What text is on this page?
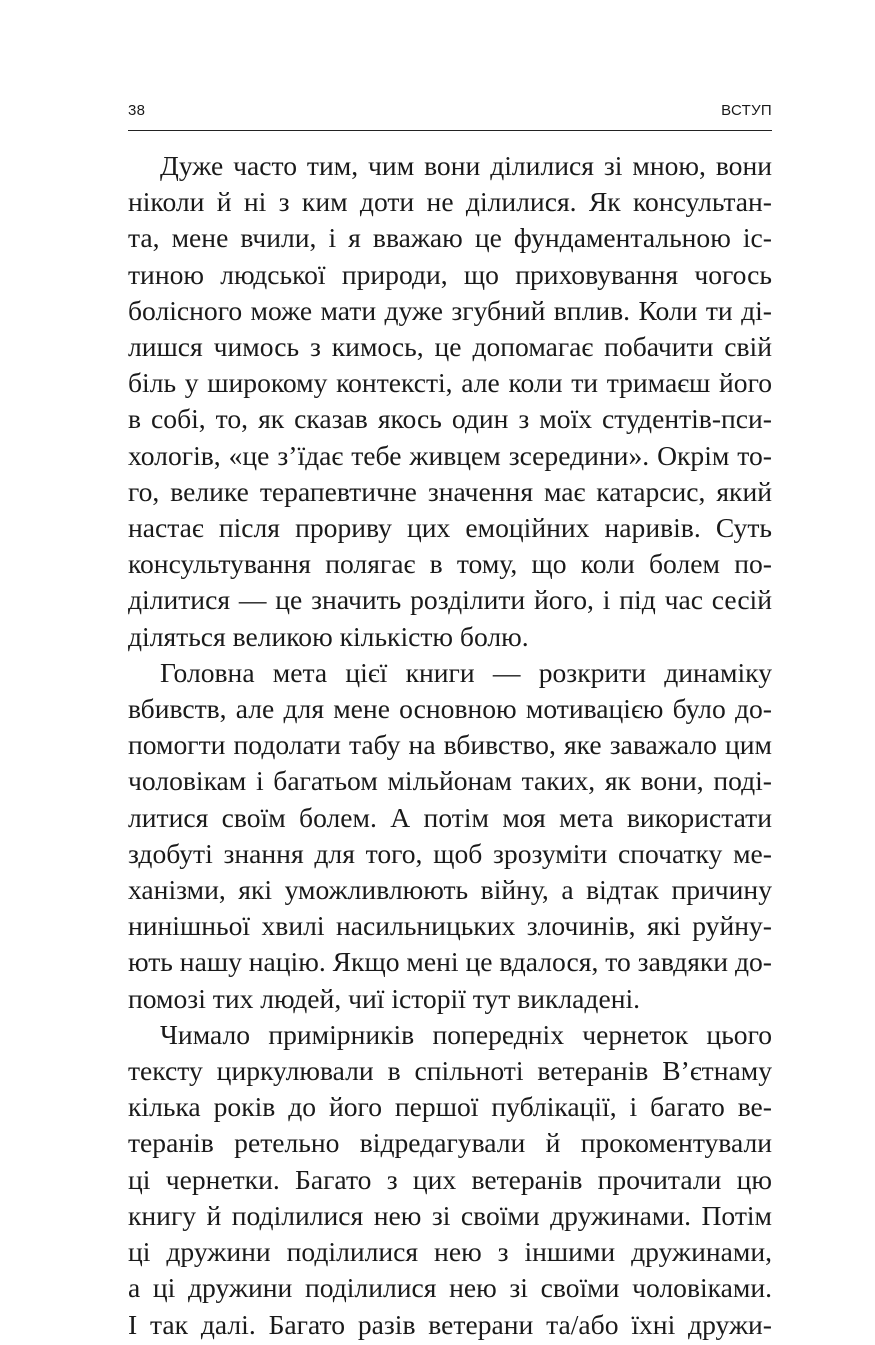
38	ВСТУП
Дуже часто тим, чим вони ділилися зі мною, вони
ніколи й ні з ким доти не ділилися. Як консультан-
та, мене вчили, і я вважаю це фундаментальною іс-
тиною людської природи, що приховування чогось
болісного може мати дуже згубний вплив. Коли ти ді-
лишся чимось з кимось, це допомагає побачити свій
біль у широкому контексті, але коли ти тримаєш його
в собі, то, як сказав якось один з моїх студентів-пси-
хологів, «це з’їдає тебе живцем зсередини». Окрім то-
го, велике терапевтичне значення має катарсис, який
настає після прориву цих емоційних наривів. Суть
консультування полягає в тому, що коли болем по-
ділитися — це значить розділити його, і під час сесій
діляться великою кількістю болю.
Головна мета цієї книги — розкрити динаміку
вбивств, але для мене основною мотивацією було до-
помогти подолати табу на вбивство, яке заважало цим
чоловікам і багатьом мільйонам таких, як вони, поді-
литися своїм болем. А потім моя мета використати
здобуті знання для того, щоб зрозуміти спочатку ме-
ханізми, які уможливлюють війну, а відтак причину
нинішньої хвилі насильницьких злочинів, які руйну-
ють нашу націю. Якщо мені це вдалося, то завдяки до-
помозі тих людей, чиї історії тут викладені.
Чимало примірників попередніх чернеток цього
тексту циркулювали в спільноті ветеранів В’єтнаму
кілька років до його першої публікації, і багато ве-
теранів ретельно відредагували й прокоментували
ці чернетки. Багато з цих ветеранів прочитали цю
книгу й поділилися нею зі своїми дружинами. Потім
ці дружини поділилися нею з іншими дружинами,
а ці дружини поділилися нею зі своїми чоловіками.
І так далі. Багато разів ветерани та/або їхні дружи-
